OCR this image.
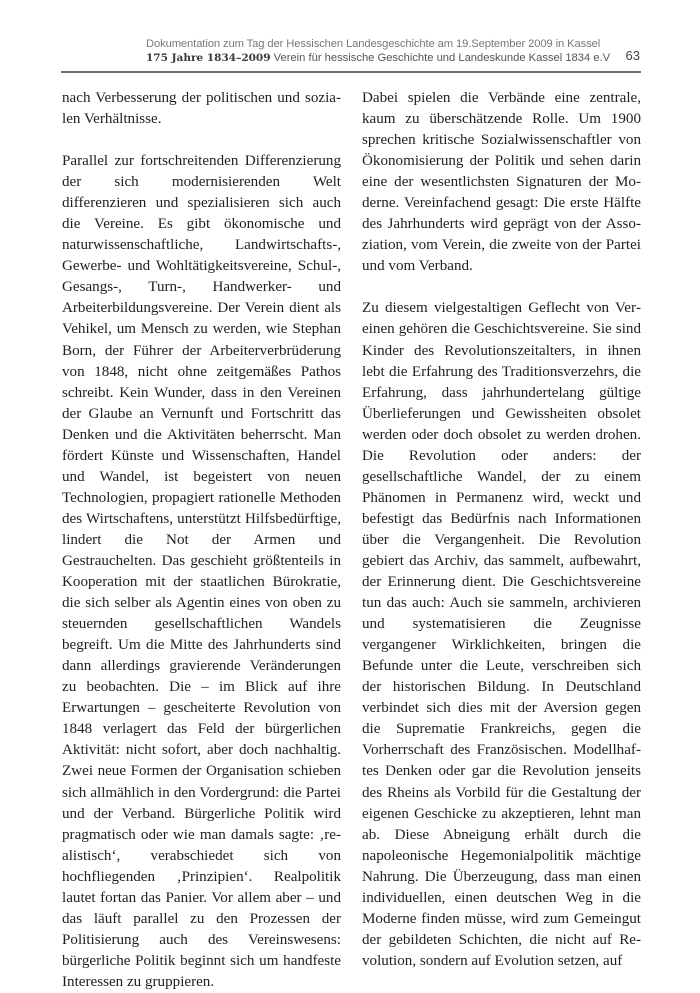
Dokumentation zum Tag der Hessischen Landesgeschichte am 19.September 2009 in Kassel
175 Jahre 1834–2009 Verein für hessische Geschichte und Landeskunde Kassel 1834 e.V	63

nach Verbesserung der politischen und sozialen Verhältnisse.

Parallel zur fortschreitenden Differenzierung der sich modernisierenden Welt differenzieren und spezialisieren sich auch die Vereine. Es gibt ökonomische und naturwissenschaftliche, Landwirtschafts-, Gewerbe- und Wohltätigkeitsvereine, Schul-, Gesangs-, Turn-, Handwerker- und Arbeiterbildungsvereine. Der Verein dient als Vehikel, um Mensch zu werden, wie Stephan Born, der Führer der Arbeiterverbrüderung von 1848, nicht ohne zeitgemäßes Pathos schreibt. Kein Wunder, dass in den Vereinen der Glaube an Vernunft und Fortschritt das Denken und die Aktivitäten beherrscht. Man fördert Künste und Wissenschaften, Handel und Wandel, ist begeistert von neuen Technologien, propagiert rationelle Methoden des Wirtschaftens, unterstützt Hilfsbedürftige, lindert die Not der Armen und Gestrauchelten. Das geschieht größtenteils in Kooperation mit der staatlichen Bürokratie, die sich selber als Agentin eines von oben zu steuernden gesellschaftlichen Wandels begreift. Um die Mitte des Jahrhunderts sind dann allerdings gravierende Veränderungen zu beobachten. Die – im Blick auf ihre Erwartungen – gescheiterte Revolution von 1848 verlagert das Feld der bürgerlichen Aktivität: nicht sofort, aber doch nachhaltig. Zwei neue Formen der Organisation schieben sich allmählich in den Vordergrund: die Partei und der Verband. Bürgerliche Politik wird pragmatisch oder wie man damals sagte: ‚realistisch‘, verabschiedet sich von hochfliegenden ‚Prinzipien‘. Realpolitik lautet fortan das Panier. Vor allem aber – und das läuft parallel zu den Prozessen der Politisierung auch des Vereinswesens: bürgerliche Politik beginnt sich um handfeste Interessen zu gruppieren.

Dabei spielen die Verbände eine zentrale, kaum zu überschätzende Rolle. Um 1900 sprechen kritische Sozialwissenschaftler von Ökonomisierung der Politik und sehen darin eine der wesentlichsten Signaturen der Moderne. Vereinfachend gesagt: Die erste Hälfte des Jahrhunderts wird geprägt von der Assoziation, vom Verein, die zweite von der Partei und vom Verband.

Zu diesem vielgestaltigen Geflecht von Vereinen gehören die Geschichtsvereine. Sie sind Kinder des Revolutionszeitalters, in ihnen lebt die Erfahrung des Traditionsverzehrs, die Erfahrung, dass jahrhundertelang gültige Überlieferungen und Gewissheiten obsolet werden oder doch obsolet zu werden drohen. Die Revolution oder anders: der gesellschaftliche Wandel, der zu einem Phänomen in Permanenz wird, weckt und befestigt das Bedürfnis nach Informationen über die Vergangenheit. Die Revolution gebiert das Archiv, das sammelt, aufbewahrt, der Erinnerung dient. Die Geschichtsvereine tun das auch: Auch sie sammeln, archivieren und systematisieren die Zeugnisse vergangener Wirklichkeiten, bringen die Befunde unter die Leute, verschreiben sich der historischen Bildung. In Deutschland verbindet sich dies mit der Aversion gegen die Suprematie Frankreichs, gegen die Vorherrschaft des Französischen. Modellhaftes Denken oder gar die Revolution jenseits des Rheins als Vorbild für die Gestaltung der eigenen Geschicke zu akzeptieren, lehnt man ab. Diese Abneigung erhält durch die napoleonische Hegemonialpolitik mächtige Nahrung. Die Überzeugung, dass man einen individuellen, einen deutschen Weg in die Moderne finden müsse, wird zum Gemeingut der gebildeten Schichten, die nicht auf Revolution, sondern auf Evolution setzen, auf
